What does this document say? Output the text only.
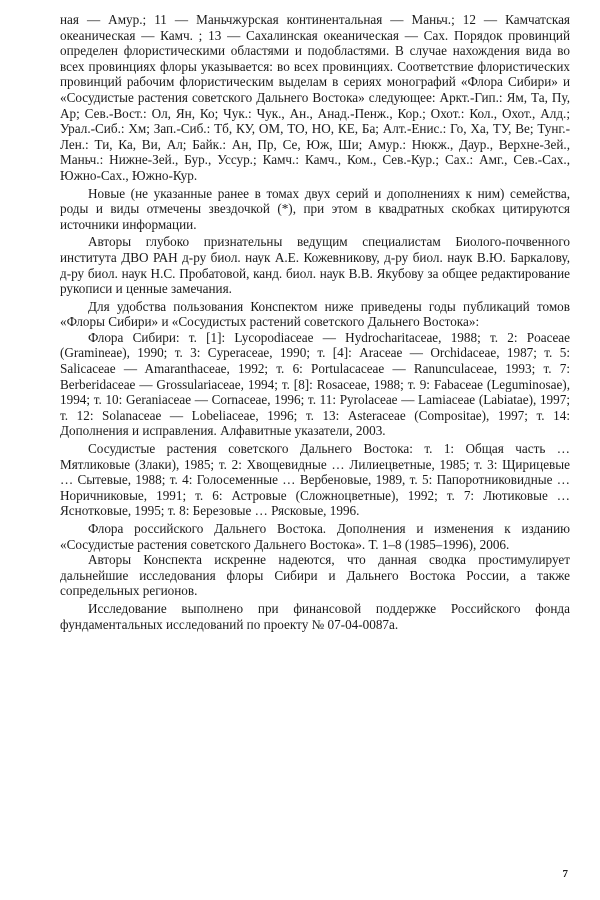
ная — Амур.; 11 — Маньчжурская континентальная — Маньч.; 12 — Камчатская океаническая — Камч. ; 13 — Сахалинская океаническая — Сах. Порядок провинций определен флористическими областями и подобластями. В случае нахождения вида во всех провинциях флоры указывается: во всех провинциях. Соответствие флористических провинций рабочим флористическим выделам в сериях монографий «Флора Сибири» и «Сосудистые растения советского Дальнего Востока» следующее: Аркт.-Гип.: Ям, Та, Пу, Ар; Сев.-Вост.: Ол, Ян, Ко; Чук.: Чук., Ан., Анад.-Пенж., Кор.; Охот.: Кол., Охот., Алд.; Урал.-Сиб.: Хм; Зап.-Сиб.: Тб, КУ, ОМ, ТО, НО, КЕ, Ба; Алт.-Енис.: Го, Ха, ТУ, Ве; Тунг.-Лен.: Ти, Ка, Ви, Ал; Байк.: Ан, Пр, Се, Юж, Ши; Амур.: Нюкж., Даур., Верхне-Зей., Маньч.: Нижне-Зей., Бур., Уссур.; Камч.: Камч., Ком., Сев.-Кур.; Сах.: Амг., Сев.-Сах., Южно-Сах., Южно-Кур.

Новые (не указанные ранее в томах двух серий и дополнениях к ним) семейства, роды и виды отмечены звездочкой (*), при этом в квадратных скобках цитируются источники информации.

Авторы глубоко признательны ведущим специалистам Биолого-почвенного института ДВО РАН д-ру биол. наук А.Е. Кожевникову, д-ру биол. наук В.Ю. Баркалову, д-ру биол. наук Н.С. Пробатовой, канд. биол. наук В.В. Якубову за общее редактирование рукописи и ценные замечания.

Для удобства пользования Конспектом ниже приведены годы публикаций томов «Флоры Сибири» и «Сосудистых растений советского Дальнего Востока»:

Флора Сибири: т. [1]: Lycopodiaceae — Hydrocharitaceae, 1988; т. 2: Poaceae (Gramineae), 1990; т. 3: Cyperaceae, 1990; т. [4]: Araceae — Orchidaceae, 1987; т. 5: Salicaceae — Amaranthaceae, 1992; т. 6: Portulacaceae — Ranunculaceae, 1993; т. 7: Berberidaceae — Grossulariaceae, 1994; т. [8]: Rosaceae, 1988; т. 9: Fabaceae (Leguminosae), 1994; т. 10: Geraniaceae — Cornaceae, 1996; т. 11: Pyrolaceae — Lamiaceae (Labiatae), 1997; т. 12: Solanaceae — Lobeliaceae, 1996; т. 13: Asteraceae (Compositae), 1997; т. 14: Дополнения и исправления. Алфавитные указатели, 2003.

Сосудистые растения советского Дальнего Востока: т. 1: Общая часть … Мятликовые (Злаки), 1985; т. 2: Хвощевидные … Лилиецветные, 1985; т. 3: Щирицевые … Сытевые, 1988; т. 4: Голосеменные … Вербеновые, 1989, т. 5: Папоротниковидные … Норичниковые, 1991; т. 6: Астровые (Сложноцветные), 1992; т. 7: Лютиковые … Ясноткoвые, 1995; т. 8: Березовые … Рясковые, 1996.

Флора российского Дальнего Востока. Дополнения и изменения к изданию «Сосудистые растения советского Дальнего Востока». Т. 1–8 (1985–1996), 2006.

Авторы Конспекта искренне надеются, что данная сводка простимулирует дальнейшие исследования флоры Сибири и Дальнего Востока России, а также сопредельных регионов.

Исследование выполнено при финансовой поддержке Российского фонда фундаментальных исследований по проекту № 07-04-0087а.

7
